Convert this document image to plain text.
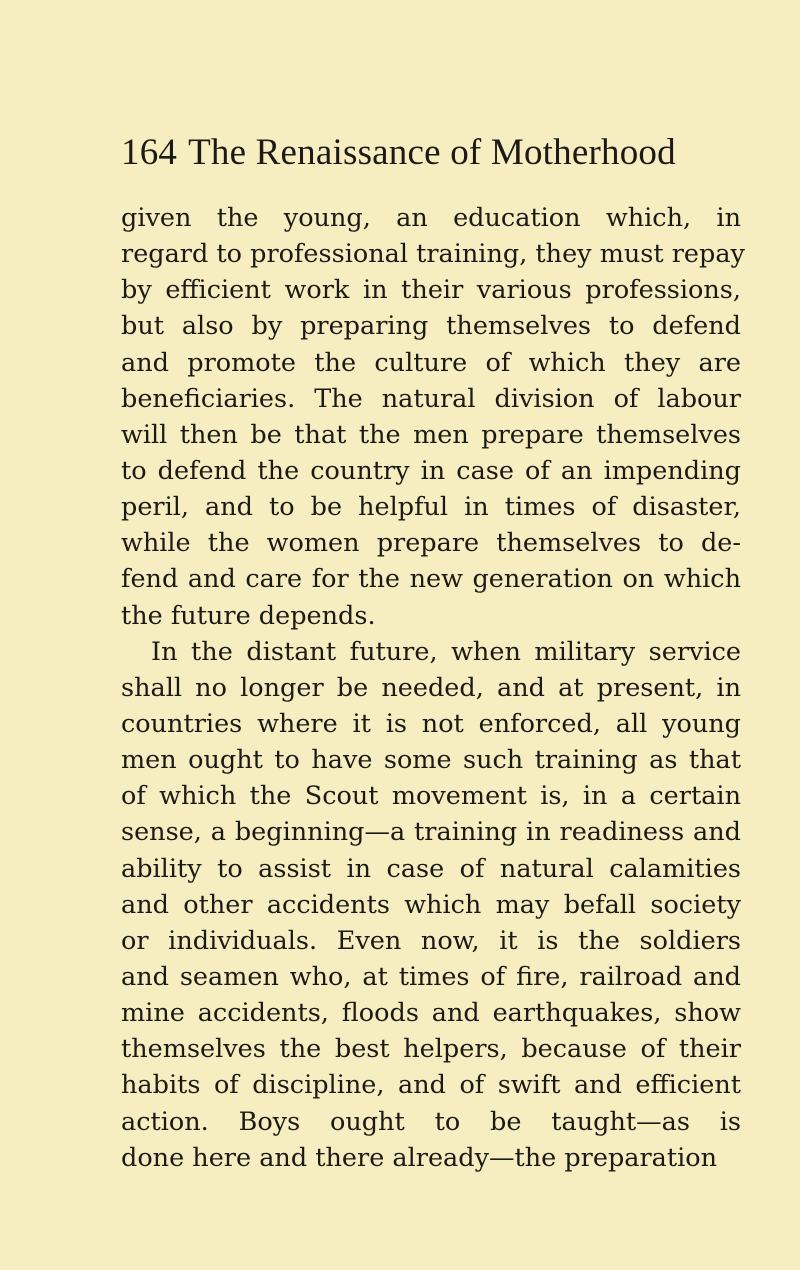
164 The Renaissance of Motherhood
given the young, an education which, in
regard to professional training, they must repay
by efficient work in their various professions,
but also by preparing themselves to defend
and promote the culture of which they are
beneficiaries. The natural division of labour
will then be that the men prepare themselves
to defend the country in case of an impending
peril, and to be helpful in times of disaster,
while the women prepare themselves to de-
fend and care for the new generation on which
the future depends.
In the distant future, when military service
shall no longer be needed, and at present, in
countries where it is not enforced, all young
men ought to have some such training as that
of which the Scout movement is, in a certain
sense, a beginning—a training in readiness and
ability to assist in case of natural calamities
and other accidents which may befall society
or individuals. Even now, it is the soldiers
and seamen who, at times of fire, railroad and
mine accidents, floods and earthquakes, show
themselves the best helpers, because of their
habits of discipline, and of swift and efficient
action. Boys ought to be taught—as is
done here and there already—the preparation
